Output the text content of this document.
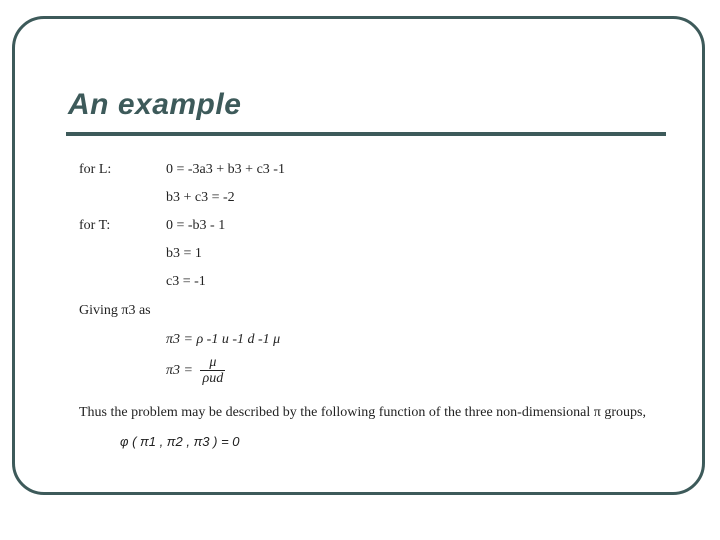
An example
for L:	0 = -3a3 + b3 + c3 -1
b3 + c3 = -2
for T:	0 = -b3 - 1
b3 = 1
c3 = -1
Giving π3 as
π3 = ρ -1 u -1 d -1 μ
$\pi 3 = \frac{\mu}{\text{ρud}}$
Thus the problem may be described by the following function of the three non-dimensional π groups,
φ ( π1 , π2 , π3 ) = 0
